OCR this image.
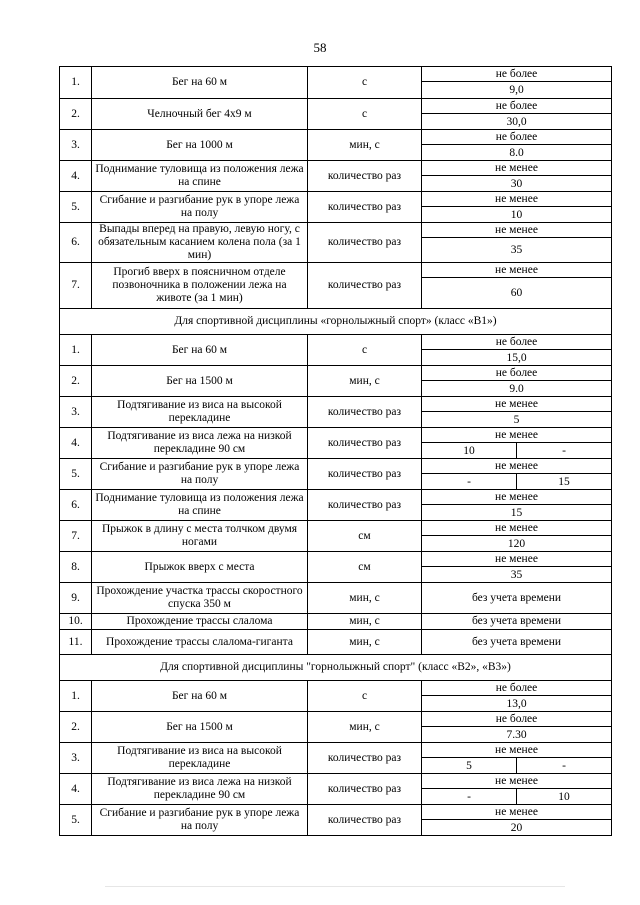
58
1.	Бег на 60 м	с	не более
9,0

2.	Челночный бег 4х9 м	с	не более
30,0

3.	Бег на 1000 м	мин, с	не более
8.0

4.	Поднимание туловища из положения лежа на спине	количество раз	не менее
30

5.	Сгибание и разгибание рук в упоре лежа на полу	количество раз	не менее
10

6.	Выпады вперед на правую, левую ногу, с обязательным касанием колена пола (за 1 мин)	количество раз	не менее
35

7.	Прогиб вверх в поясничном отделе позвоночника в положении лежа на животе (за 1 мин)	количество раз	не менее
60

Для спортивной дисциплины «горнолыжный спорт» (класс «В1»)			
1.	Бег на 60 м	с	не более
15,0

2.	Бег на 1500 м	мин, с	не более
9.0

3.	Подтягивание из виса на высокой перекладине	количество раз	не менее
5

4.	Подтягивание из виса лежа на низкой перекладине 90 см	количество раз	не менее
10 -

5.	Сгибание и разгибание рук в упоре лежа на полу	количество раз	не менее
- 15

6.	Поднимание туловища из положения лежа на спине	количество раз	не менее
15

7.	Прыжок в длину с места толчком двумя ногами	см	не менее
120

8.	Прыжок вверх с места	см	не менее
35

9.	Прохождение участка трассы скоростного спуска 350 м	мин, с	без учета времени
10.	Прохождение трассы слалома	мин, с	без учета времени
11.	Прохождение трассы слалома-гиганта	мин, с	без учета времени
Для спортивной дисциплины "горнолыжный спорт" (класс «В2», «В3»)			
1.	Бег на 60 м	с	не более
13,0

2.	Бег на 1500 м	мин, с	не более
7.30

3.	Подтягивание из виса на высокой перекладине	количество раз	не менее
5 -

4.	Подтягивание из виса лежа на низкой перекладине 90 см	количество раз	не менее
- 10

5.	Сгибание и разгибание рук в упоре лежа на полу	количество раз	не менее
20
